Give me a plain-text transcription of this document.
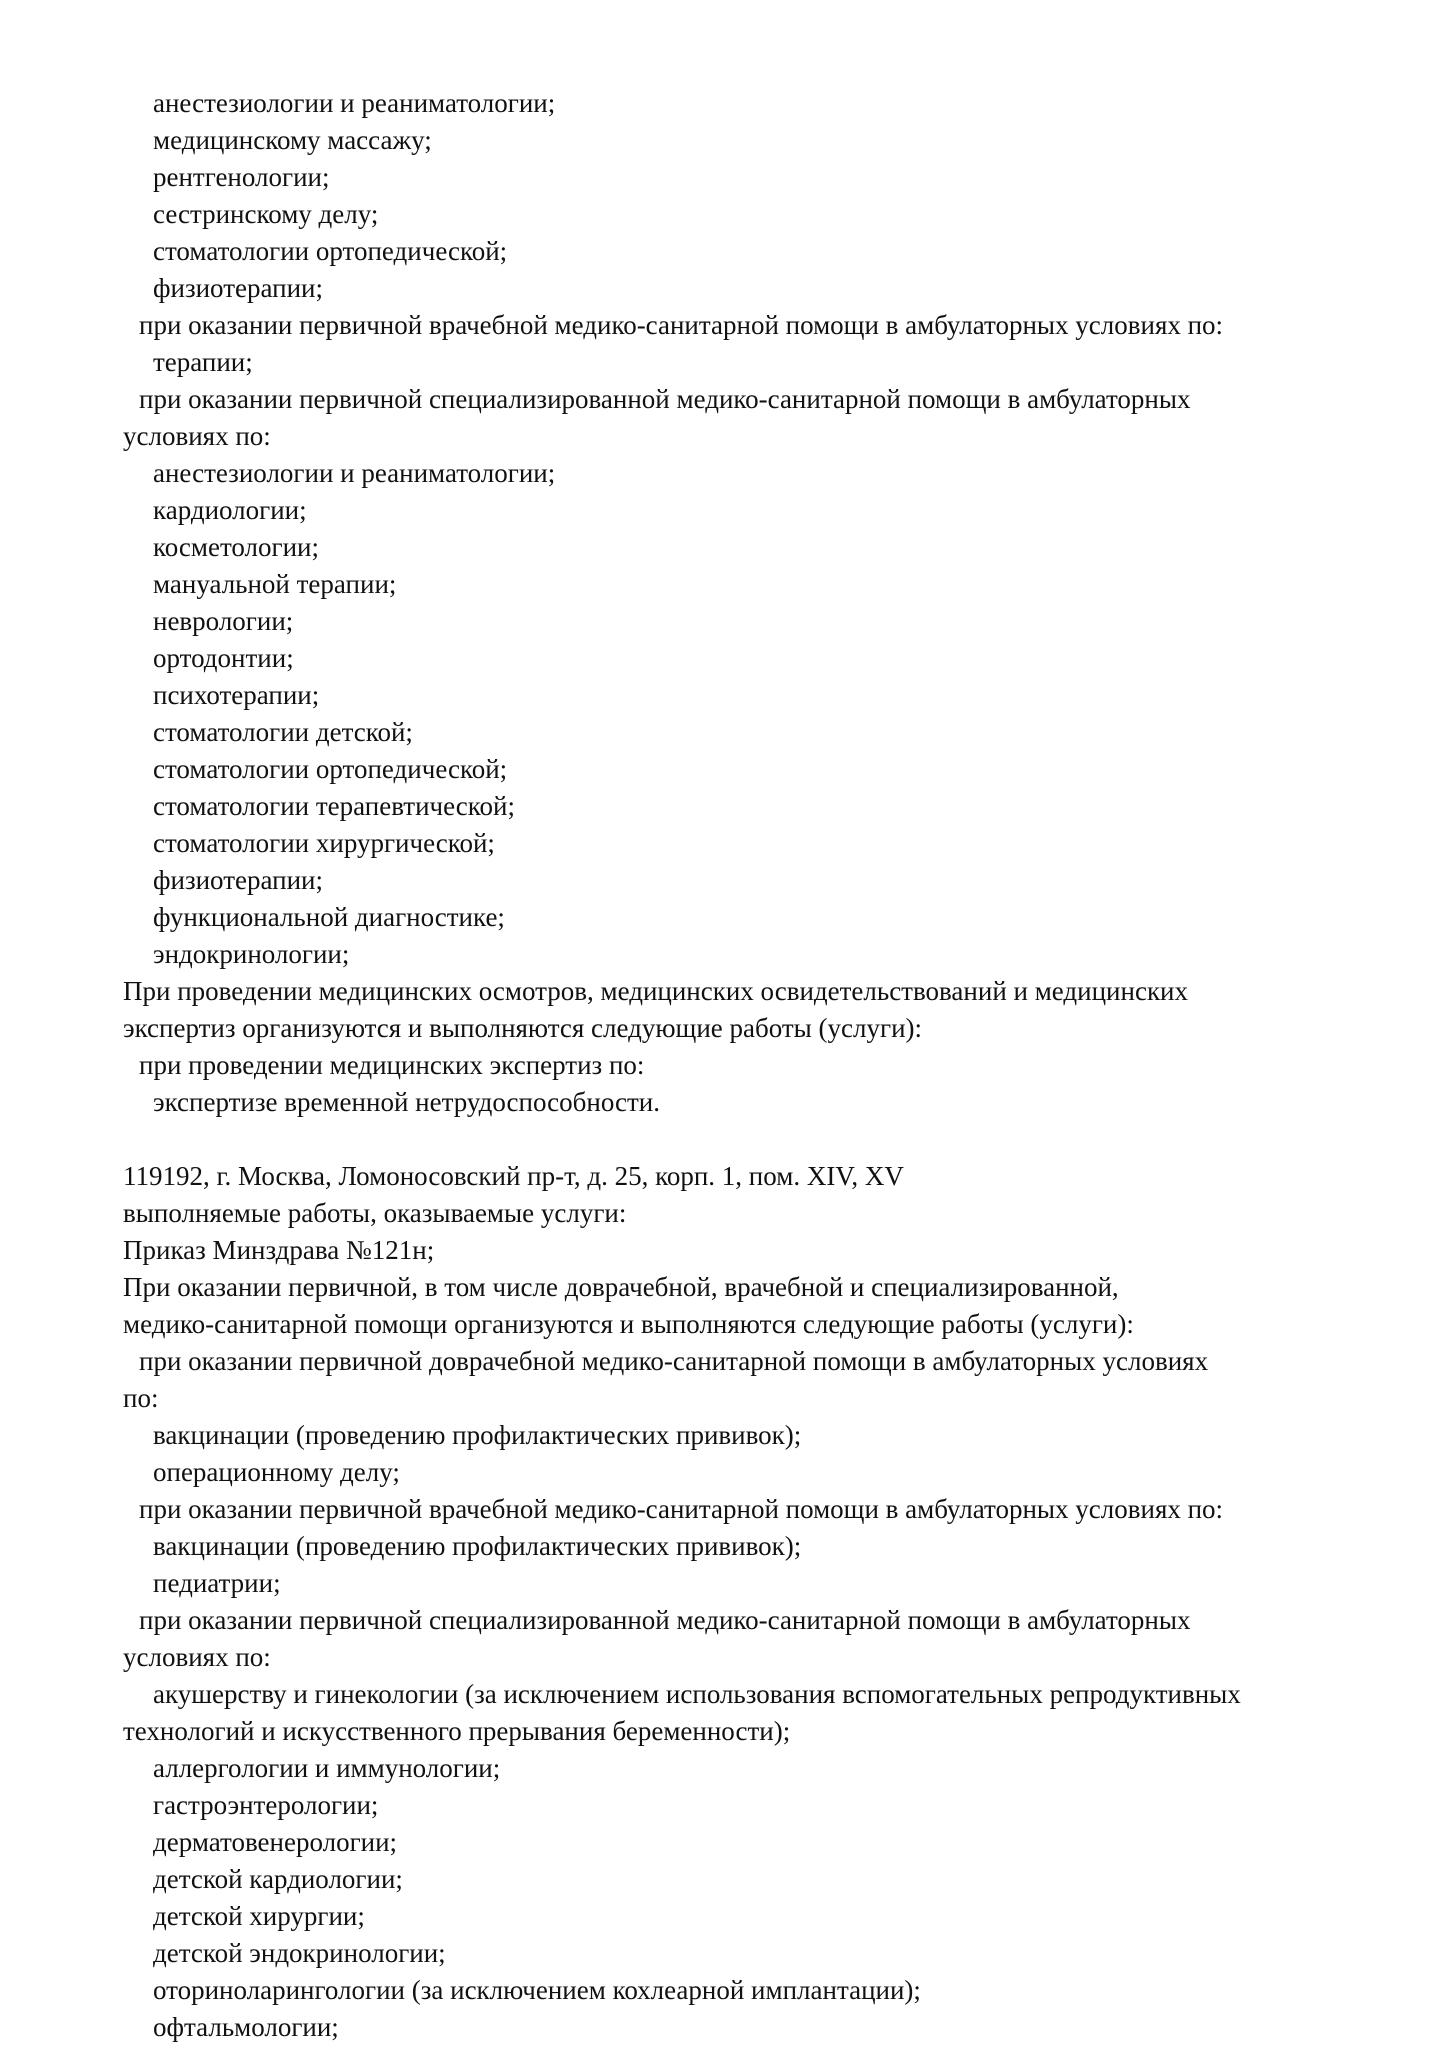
анестезиологии и реаниматологии;
медицинскому массажу;
рентгенологии;
сестринскому делу;
стоматологии ортопедической;
физиотерапии;
при оказании первичной врачебной медико-санитарной помощи в амбулаторных условиях по:
терапии;
при оказании первичной специализированной медико-санитарной помощи в амбулаторных
условиях по:
анестезиологии и реаниматологии;
кардиологии;
косметологии;
мануальной терапии;
неврологии;
ортодонтии;
психотерапии;
стоматологии детской;
стоматологии ортопедической;
стоматологии терапевтической;
стоматологии хирургической;
физиотерапии;
функциональной диагностике;
эндокринологии;
При проведении медицинских осмотров, медицинских освидетельствований и медицинских
экспертиз организуются и выполняются следующие работы (услуги):
при проведении медицинских экспертиз по:
экспертизе временной нетрудоспособности.
119192, г. Москва, Ломоносовский пр-т, д. 25, корп. 1, пом. XIV, XV
выполняемые работы, оказываемые услуги:
Приказ Минздрава №121н;
При оказании первичной, в том числе доврачебной, врачебной и специализированной,
медико-санитарной помощи организуются и выполняются следующие работы (услуги):
при оказании первичной доврачебной медико-санитарной помощи в амбулаторных условиях
по:
вакцинации (проведению профилактических прививок);
операционному делу;
при оказании первичной врачебной медико-санитарной помощи в амбулаторных условиях по:
вакцинации (проведению профилактических прививок);
педиатрии;
при оказании первичной специализированной медико-санитарной помощи в амбулаторных
условиях по:
акушерству и гинекологии (за исключением использования вспомогательных репродуктивных
технологий и искусственного прерывания беременности);
аллергологии и иммунологии;
гастроэнтерологии;
дерматовенерологии;
детской кардиологии;
детской хирургии;
детской эндокринологии;
оториноларингологии (за исключением кохлеарной имплантации);
офтальмологии;
